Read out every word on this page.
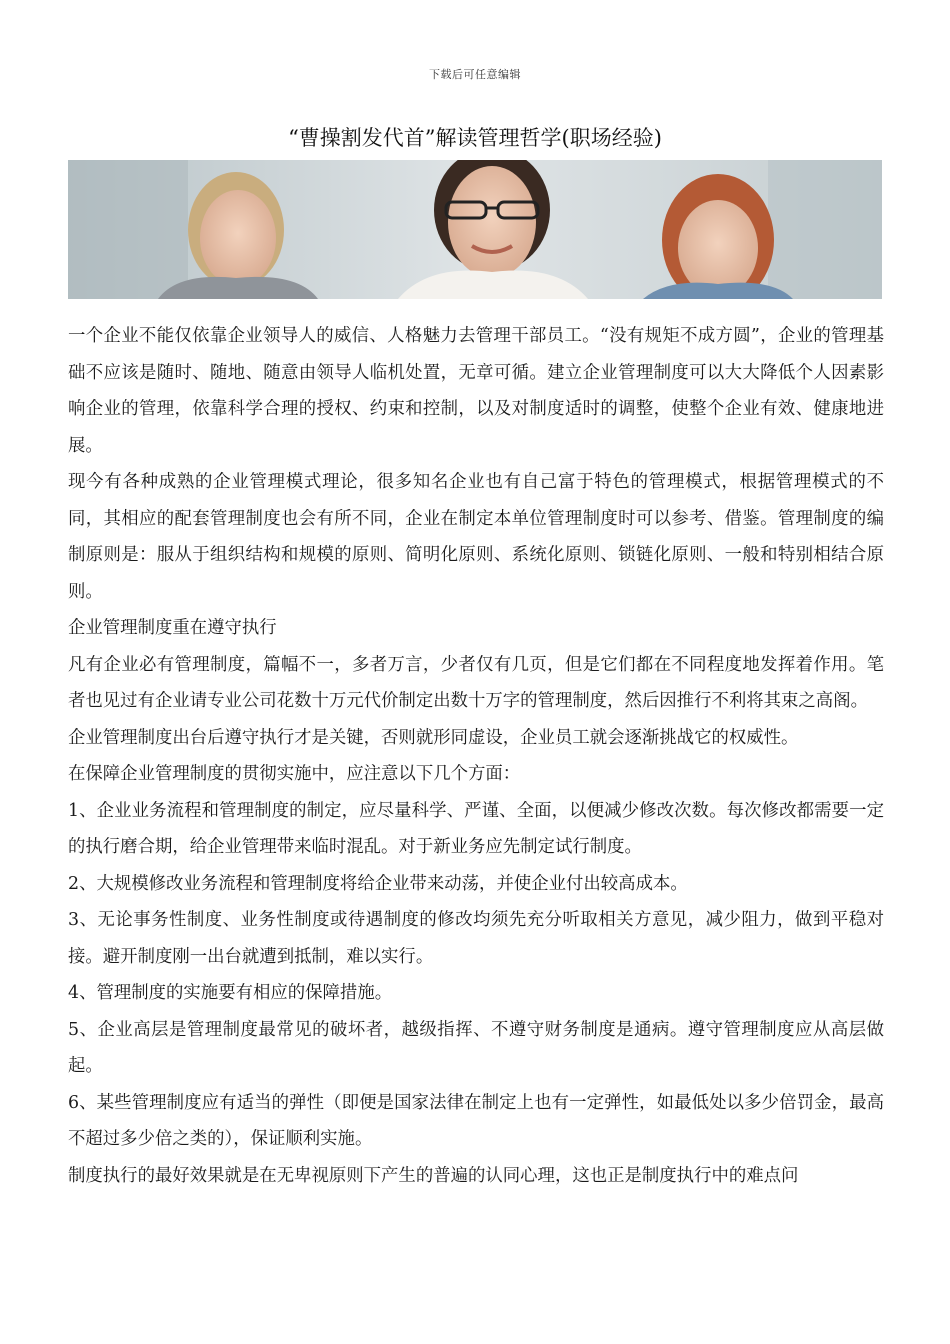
下载后可任意编辑
“曹操割发代首”解读管理哲学(职场经验)

一个企业不能仅依靠企业领导人的威信、人格魅力去管理干部员工。“没有规矩不成方圆”，企业的管理基础不应该是随时、随地、随意由领导人临机处置，无章可循。建立企业管理制度可以大大降低个人因素影响企业的管理，依靠科学合理的授权、约束和控制，以及对制度适时的调整，使整个企业有效、健康地进展。

现今有各种成熟的企业管理模式理论，很多知名企业也有自己富于特色的管理模式，根据管理模式的不同，其相应的配套管理制度也会有所不同，企业在制定本单位管理制度时可以参考、借鉴。管理制度的编制原则是：服从于组织结构和规模的原则、简明化原则、系统化原则、锁链化原则、一般和特别相结合原则。

企业管理制度重在遵守执行

凡有企业必有管理制度，篇幅不一，多者万言，少者仅有几页，但是它们都在不同程度地发挥着作用。笔者也见过有企业请专业公司花数十万元代价制定出数十万字的管理制度，然后因推行不利将其束之高阁。

企业管理制度出台后遵守执行才是关键，否则就形同虚设，企业员工就会逐渐挑战它的权威性。

在保障企业管理制度的贯彻实施中，应注意以下几个方面：

1、企业业务流程和管理制度的制定，应尽量科学、严谨、全面，以便减少修改次数。每次修改都需要一定的执行磨合期，给企业管理带来临时混乱。对于新业务应先制定试行制度。

2、大规模修改业务流程和管理制度将给企业带来动荡，并使企业付出较高成本。

3、无论事务性制度、业务性制度或待遇制度的修改均须先充分听取相关方意见，减少阻力，做到平稳对接。避开制度刚一出台就遭到抵制，难以实行。

4、管理制度的实施要有相应的保障措施。

5、企业高层是管理制度最常见的破坏者，越级指挥、不遵守财务制度是通病。遵守管理制度应从高层做起。

6、某些管理制度应有适当的弹性（即便是国家法律在制定上也有一定弹性，如最低处以多少倍罚金，最高不超过多少倍之类的），保证顺利实施。

制度执行的最好效果就是在无卑视原则下产生的普遍的认同心理，这也正是制度执行中的难点问
